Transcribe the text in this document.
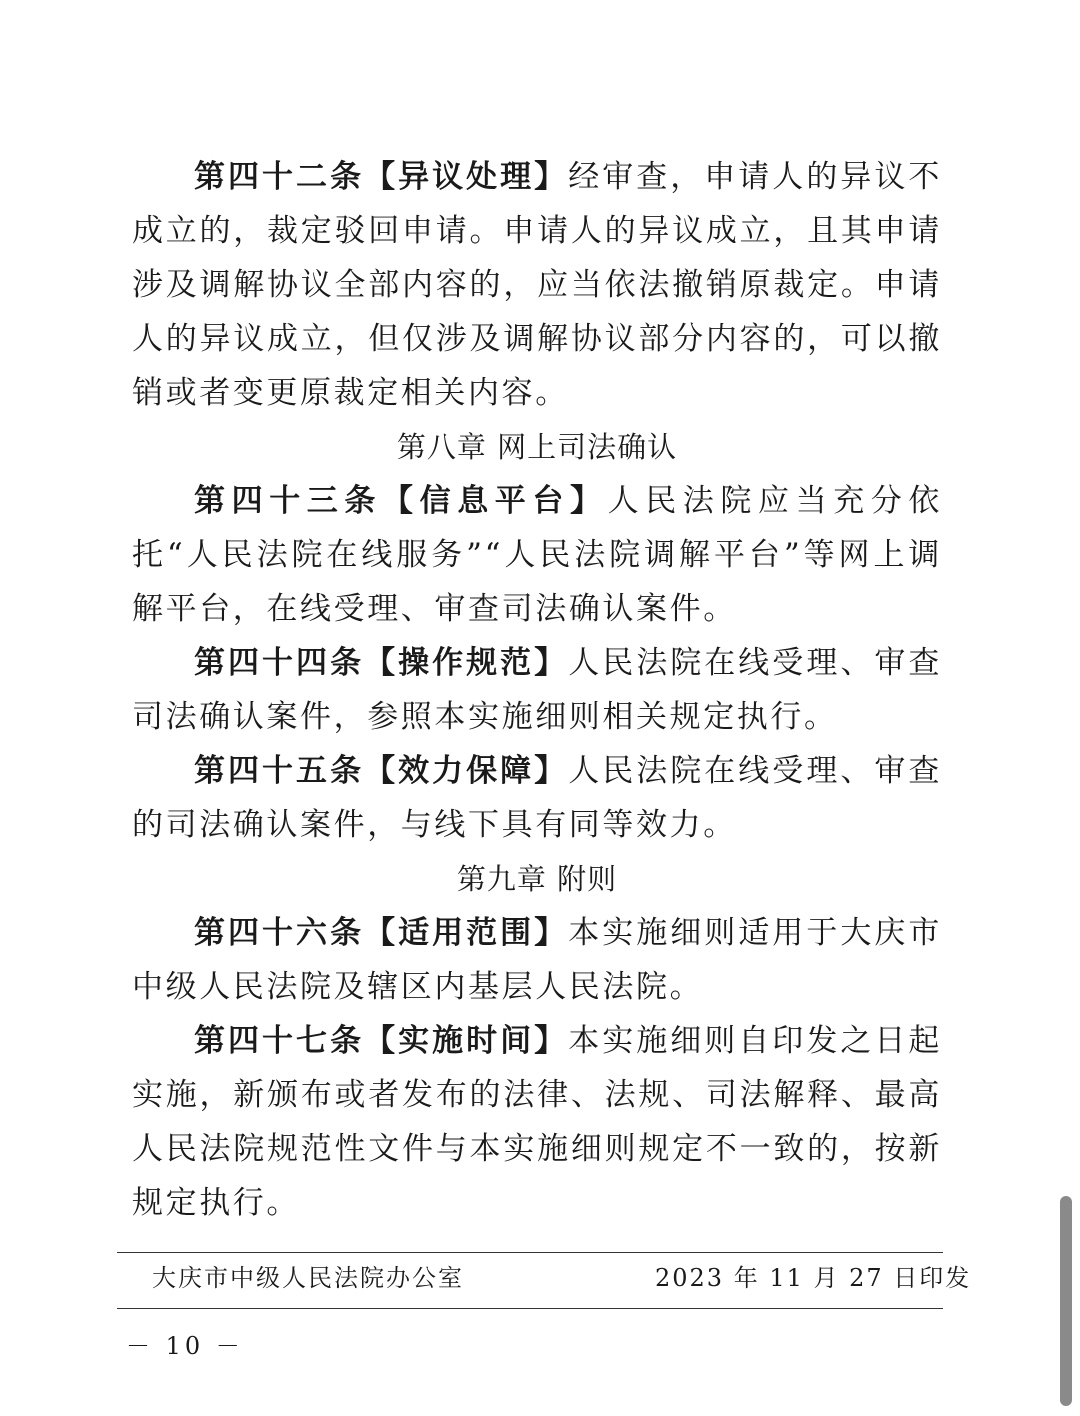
第四十二条【异议处理】经审查，申请人的异议不成立的，裁定驳回申请。申请人的异议成立，且其申请涉及调解协议全部内容的，应当依法撤销原裁定。申请人的异议成立，但仅涉及调解协议部分内容的，可以撤销或者变更原裁定相关内容。

第八章 网上司法确认

第四十三条【信息平台】人民法院应当充分依托“人民法院在线服务”“人民法院调解平台”等网上调解平台，在线受理、审查司法确认案件。

第四十四条【操作规范】人民法院在线受理、审查司法确认案件，参照本实施细则相关规定执行。

第四十五条【效力保障】人民法院在线受理、审查的司法确认案件，与线下具有同等效力。

第九章 附则

第四十六条【适用范围】本实施细则适用于大庆市中级人民法院及辖区内基层人民法院。

第四十七条【实施时间】本实施细则自印发之日起实施，新颁布或者发布的法律、法规、司法解释、最高人民法院规范性文件与本实施细则规定不一致的，按新规定执行。

大庆市中级人民法院办公室	2023 年 11 月 27 日印发
－ 10 －
